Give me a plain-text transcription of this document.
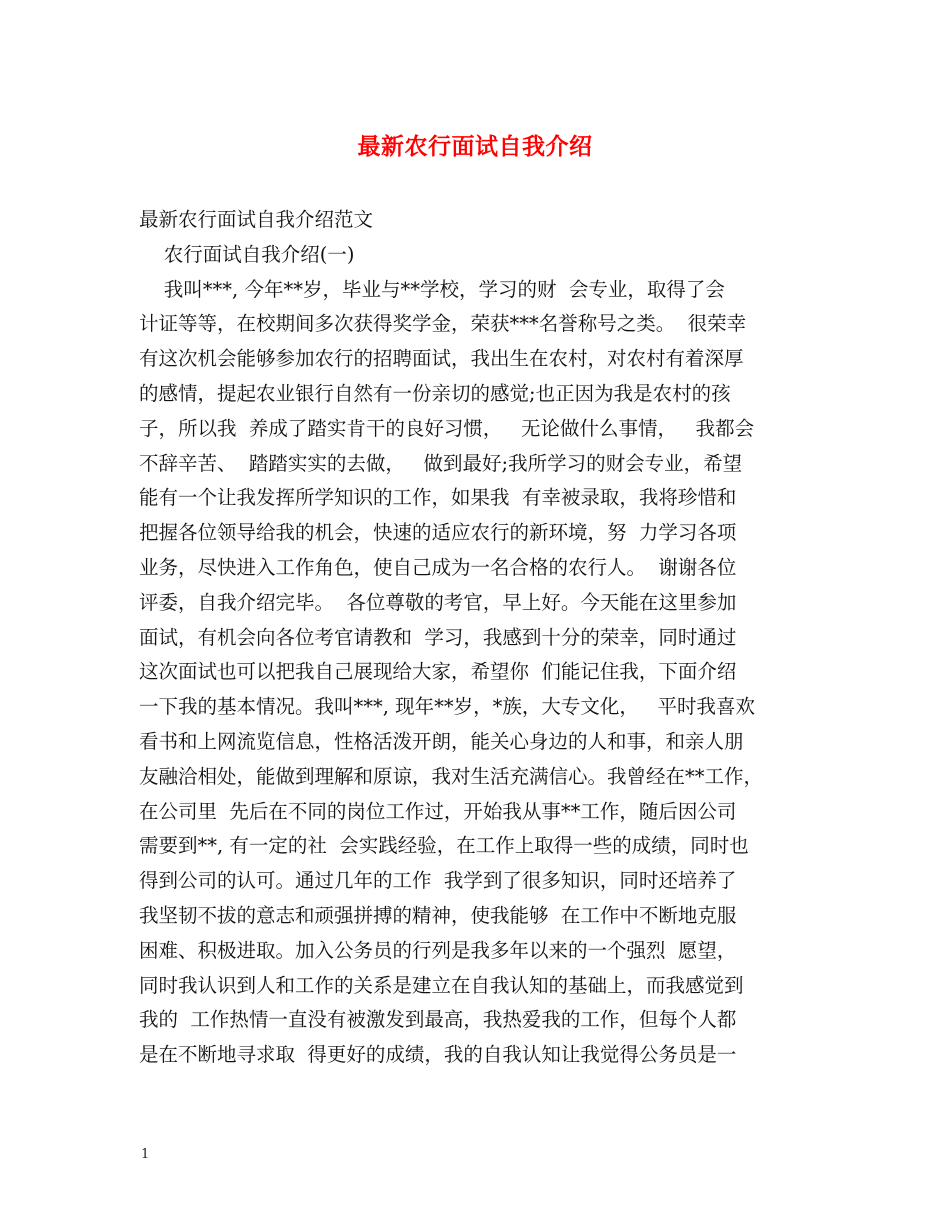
最新农行面试自我介绍
最新农行面试自我介绍范文
农行面试自我介绍(一)
我叫***, 今年**岁，毕业与**学校，学习的财  会专业，取得了会
计证等等，在校期间多次获得奖学金，荣获***名誉称号之类。  很荣幸
有这次机会能够参加农行的招聘面试，我出生在农村，对农村有着深厚
的感情，提起农业银行自然有一份亲切的感觉;也正因为我是农村的孩
子，所以我  养成了踏实肯干的良好习惯，   无论做什么事情，   我都会
不辞辛苦、  踏踏实实的去做，   做到最好;我所学习的财会专业，希望
能有一个让我发挥所学知识的工作，如果我  有幸被录取，我将珍惜和
把握各位领导给我的机会，快速的适应农行的新环境，努  力学习各项
业务，尽快进入工作角色，使自己成为一名合格的农行人。  谢谢各位
评委，自我介绍完毕。  各位尊敬的考官，早上好。今天能在这里参加
面试，有机会向各位考官请教和  学习，我感到十分的荣幸，同时通过
这次面试也可以把我自己展现给大家，希望你  们能记住我，下面介绍
一下我的基本情况。我叫***, 现年**岁，*族，大专文化，   平时我喜欢
看书和上网流览信息，性格活泼开朗，能关心身边的人和事，和亲人朋
友融洽相处，能做到理解和原谅，我对生活充满信心。我曾经在**工作，
在公司里  先后在不同的岗位工作过，开始我从事**工作，随后因公司
需要到**, 有一定的社  会实践经验，在工作上取得一些的成绩，同时也
得到公司的认可。通过几年的工作  我学到了很多知识，同时还培养了
我坚韧不拔的意志和顽强拼搏的精神，使我能够  在工作中不断地克服
困难、积极进取。加入公务员的行列是我多年以来的一个强烈  愿望，
同时我认识到人和工作的关系是建立在自我认知的基础上，而我感觉到
我的  工作热情一直没有被激发到最高，我热爱我的工作，但每个人都
是在不断地寻求取  得更好的成绩，我的自我认知让我觉得公务员是一
1
